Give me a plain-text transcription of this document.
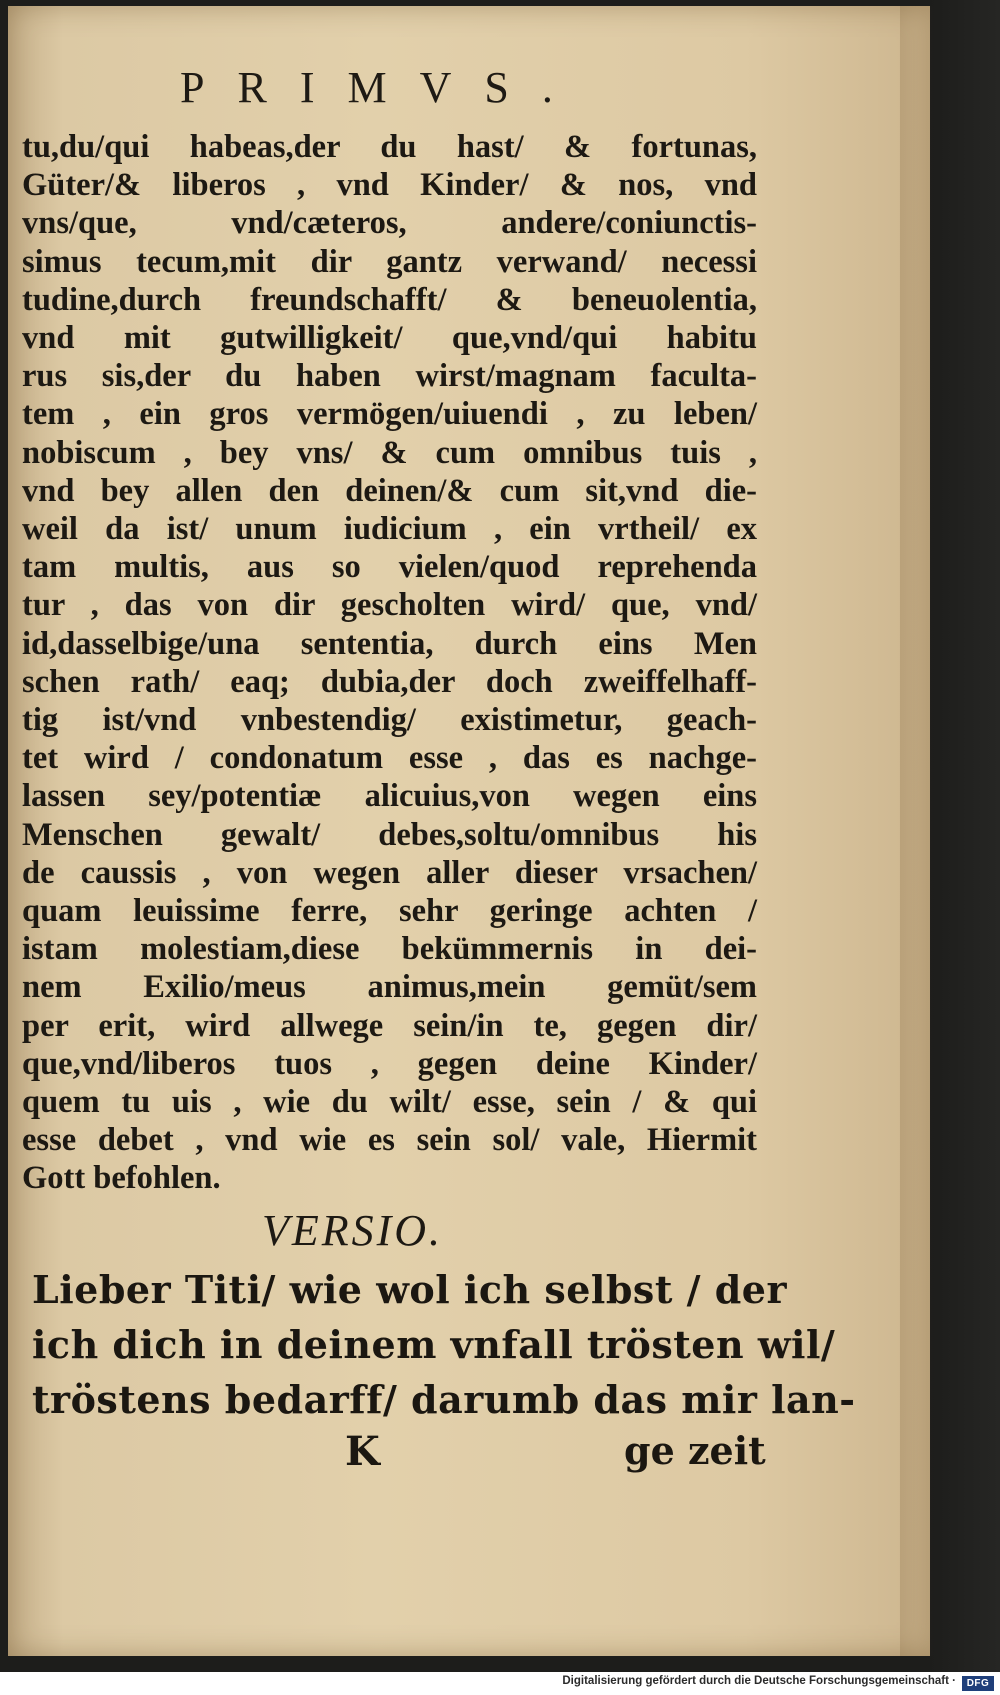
PRIMVS.
tu,du/qui habeas,der du hast/ & fortunas,
Güter/& liberos , vnd Kinder/ & nos, vnd
vns/que, vnd/cæteros, andere/coniunctis-
simus tecum,mit dir gantz verwand/ necessi
tudine,durch freundschafft/ & beneuolentia,
vnd mit gutwilligkeit/ que,vnd/qui habitu
rus sis,der du haben wirst/magnam faculta-
tem , ein gros vermögen/uiuendi , zu leben/
nobiscum , bey vns/ & cum omnibus tuis ,
vnd bey allen den deinen/& cum sit,vnd die-
weil da ist/ unum iudicium , ein vrtheil/ ex
tam multis, aus so vielen/quod reprehenda
tur , das von dir gescholten wird/ que, vnd/
id,dasselbige/una sententia, durch eins Men
schen rath/ eaq; dubia,der doch zweiffelhaff-
tig ist/vnd vnbestendig/ existimetur, geach-
tet wird / condonatum esse , das es nachge-
lassen sey/potentiæ alicuius,von wegen eins
Menschen gewalt/ debes,soltu/omnibus his
de caussis , von wegen aller dieser vrsachen/
quam leuissime ferre, sehr geringe achten /
istam molestiam,diese bekümmernis in dei-
nem Exilio/meus animus,mein gemüt/sem
per erit, wird allwege sein/in te, gegen dir/
que,vnd/liberos tuos , gegen deine Kinder/
quem tu uis , wie du wilt/ esse, sein / & qui
esse debet , vnd wie es sein sol/ vale, Hiermit
Gott befohlen.
VERSIO.
Lieber Titi/ wie wol ich selbst / der
ich dich in deinem vnfall trösten wil/
tröstens bedarff/ darumb das mir lan-
K	ge zeit
Digitalisierung gefördert durch die Deutsche Forschungsgemeinschaft ·	DFG
